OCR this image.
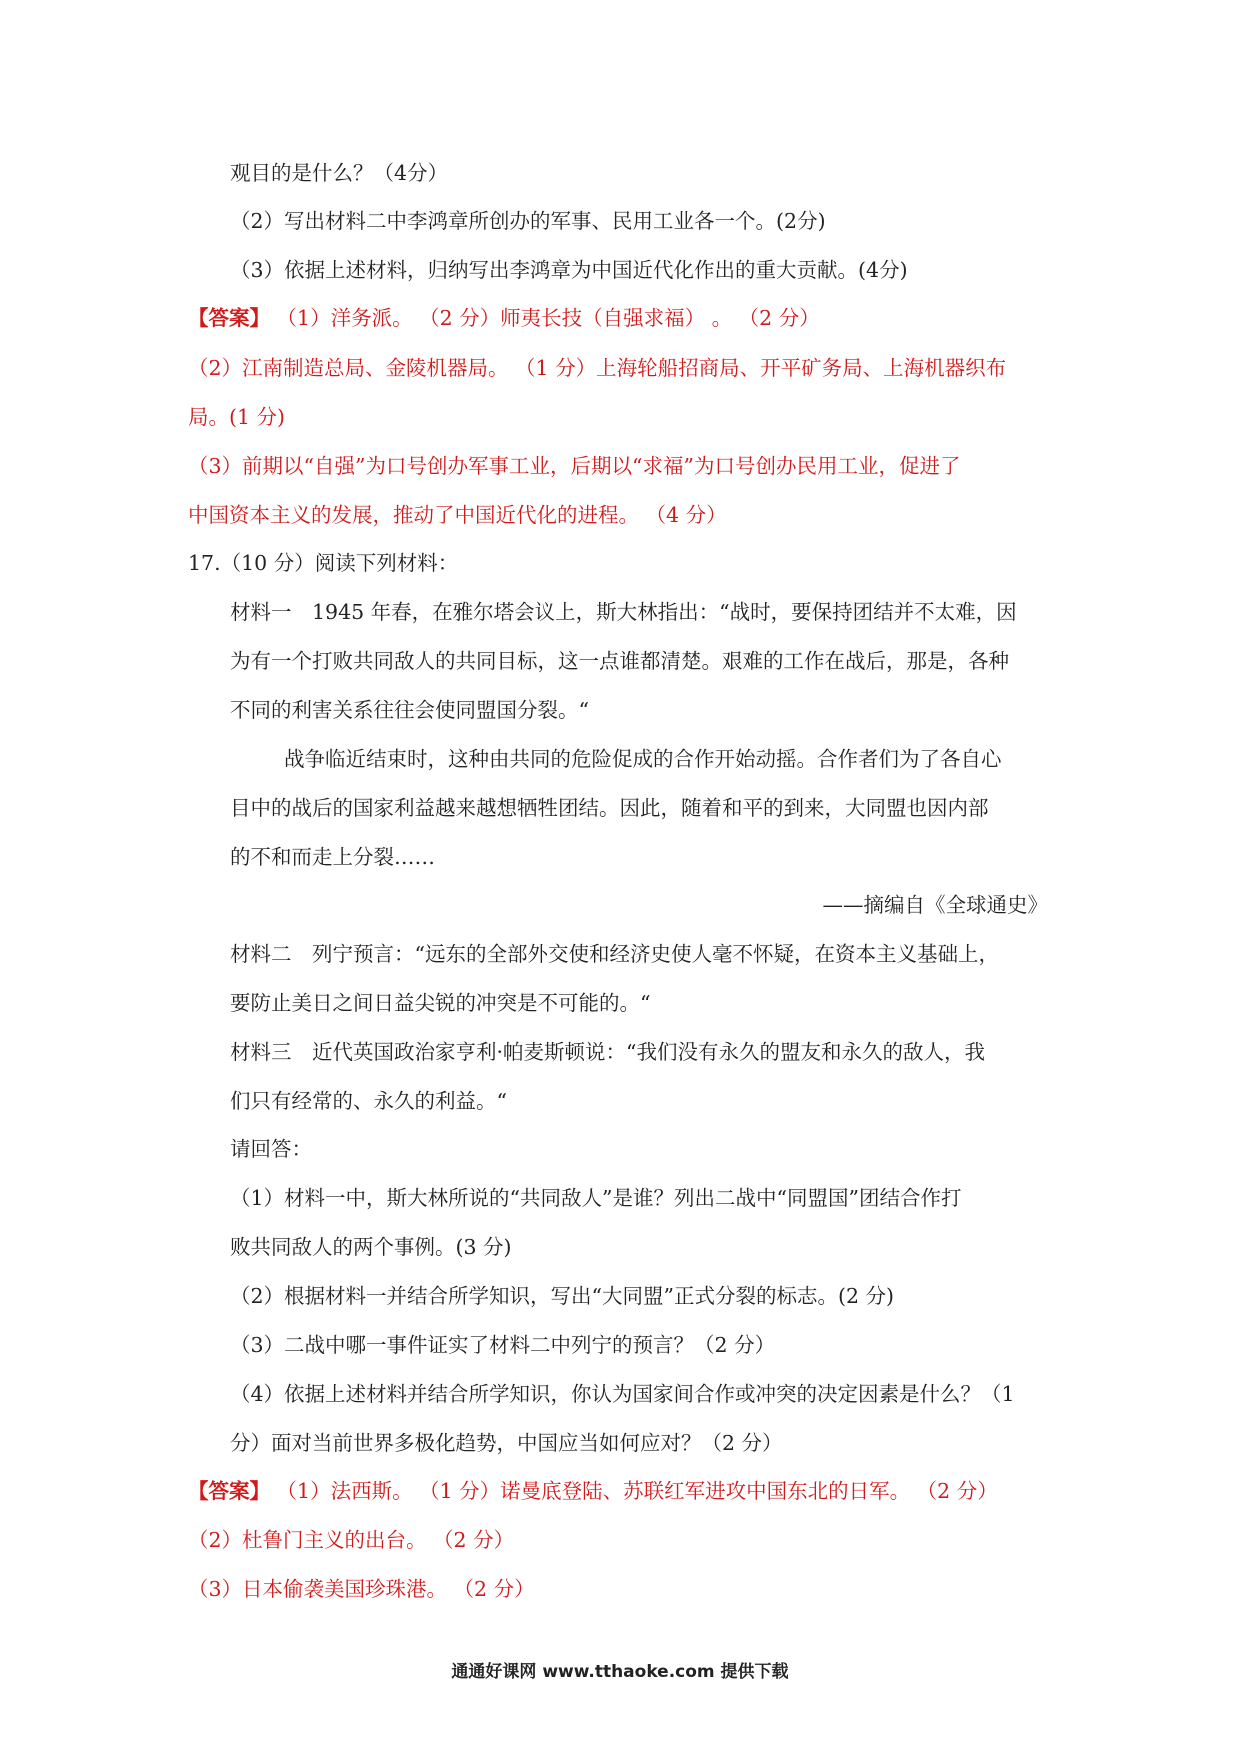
观目的是什么？（4分）
（2）写出材料二中李鸿章所创办的军事、民用工业各一个。(2分)
（3）依据上述材料，归纳写出李鸿章为中国近代化作出的重大贡献。(4分)
【答案】 （1）洋务派。 （2 分）师夷长技（自强求福） 。 （2 分）
（2）江南制造总局、金陵机器局。 （1 分）上海轮船招商局、开平矿务局、上海机器织布
局。(1 分)
（3）前期以“自强”为口号创办军事工业，后期以“求福”为口号创办民用工业，促进了
中国资本主义的发展，推动了中国近代化的进程。 （4 分）
17.（10 分）阅读下列材料：
材料一　1945 年春，在雅尔塔会议上，斯大林指出：“战时，要保持团结并不太难，因
为有一个打败共同敌人的共同目标，这一点谁都清楚。艰难的工作在战后，那是，各种
不同的利害关系往往会使同盟国分裂。“
战争临近结束时，这种由共同的危险促成的合作开始动摇。合作者们为了各自心
目中的战后的国家利益越来越想牺牲团结。因此，随着和平的到来，大同盟也因内部
的不和而走上分裂……
——摘编自《全球通史》
材料二　列宁预言：“远东的全部外交使和经济史使人毫不怀疑，在资本主义基础上，
要防止美日之间日益尖锐的冲突是不可能的。“
材料三　近代英国政治家亨利·帕麦斯顿说：“我们没有永久的盟友和永久的敌人，我
们只有经常的、永久的利益。“
请回答：
（1）材料一中，斯大林所说的“共同敌人”是谁？列出二战中“同盟国”团结合作打
败共同敌人的两个事例。(3 分)
（2）根据材料一并结合所学知识，写出“大同盟”正式分裂的标志。(2 分)
（3）二战中哪一事件证实了材料二中列宁的预言？（2 分）
（4）依据上述材料并结合所学知识，你认为国家间合作或冲突的决定因素是什么？（1
分）面对当前世界多极化趋势，中国应当如何应对？（2 分）
【答案】 （1）法西斯。 （1 分）诺曼底登陆、苏联红军进攻中国东北的日军。 （2 分）
（2）杜鲁门主义的出台。 （2 分）
（3）日本偷袭美国珍珠港。 （2 分）
通通好课网 www.tthaoke.com 提供下载
